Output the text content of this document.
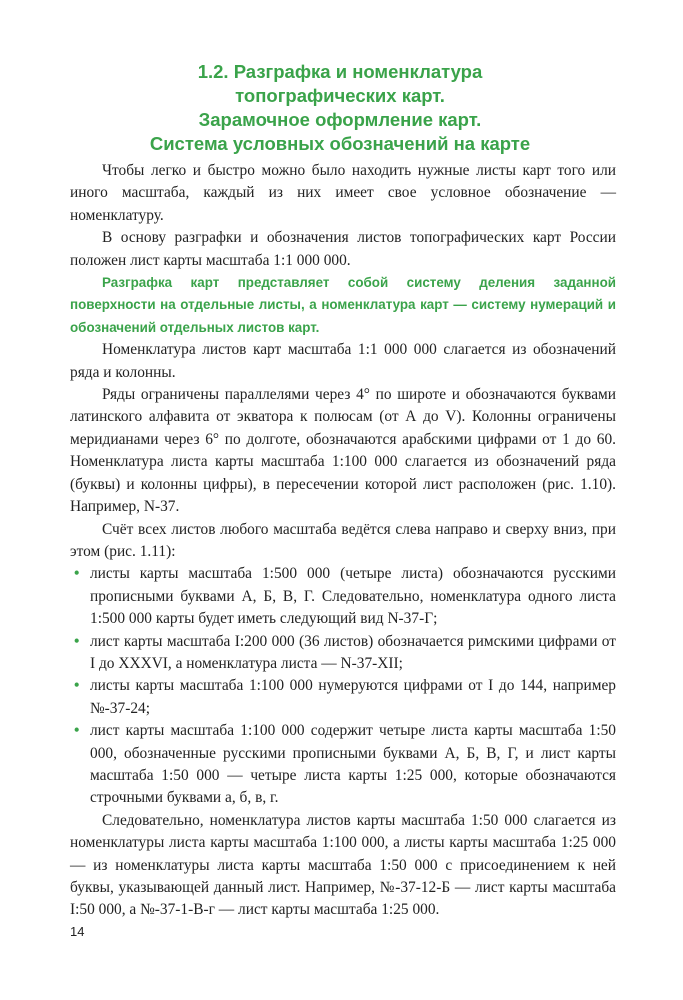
1.2. Разграфка и номенклатура
топографических карт.
Зарамочное оформление карт.
Система условных обозначений на карте

Чтобы легко и быстро можно было находить нужные листы карт того или иного масштаба, каждый из них имеет свое условное обозначение — номенклатуру.

В основу разграфки и обозначения листов топографических карт России положен лист карты масштаба 1:1 000 000.

Разграфка карт представляет собой систему деления заданной поверхности на отдельные листы, а номенклатура карт — систему нумераций и обозначений отдельных листов карт.

Номенклатура листов карт масштаба 1:1 000 000 слагается из обозначений ряда и колонны.

Ряды ограничены параллелями через 4° по широте и обозначаются буквами латинского алфавита от экватора к полюсам (от А до V). Колонны ограничены меридианами через 6° по долготе, обозначаются арабскими цифрами от 1 до 60. Номенклатура листа карты масштаба 1:100 000 слагается из обозначений ряда (буквы) и колонны цифры), в пересечении которой лист расположен (рис. 1.10). Например, N-37.

Счёт всех листов любого масштаба ведётся слева направо и сверху вниз, при этом (рис. 1.11):

• листы карты масштаба 1:500 000 (четыре листа) обозначаются русскими прописными буквами А, Б, В, Г. Следовательно, номенклатура одного листа 1:500 000 карты будет иметь следующий вид N-37-Г;
• лист карты масштаба I:200 000 (36 листов) обозначается римскими цифрами от I до XXXVI, а номенклатура листа — N-37-XII;
• листы карты масштаба 1:100 000 нумеруются цифрами от I до 144, например №-37-24;
• лист карты масштаба 1:100 000 содержит четыре листа карты масштаба 1:50 000, обозначенные русскими прописными буквами А, Б, В, Г, и лист карты масштаба 1:50 000 — четыре листа карты 1:25 000, которые обозначаются строчными буквами а, б, в, г.

Следовательно, номенклатура листов карты масштаба 1:50 000 слагается из номенклатуры листа карты масштаба 1:100 000, а листы карты масштаба 1:25 000 — из номенклатуры листа карты масштаба 1:50 000 с присоединением к ней буквы, указывающей данный лист. Например, №-37-12-Б — лист карты масштаба I:50 000, а №-37-1-В-г — лист карты масштаба 1:25 000.

14
